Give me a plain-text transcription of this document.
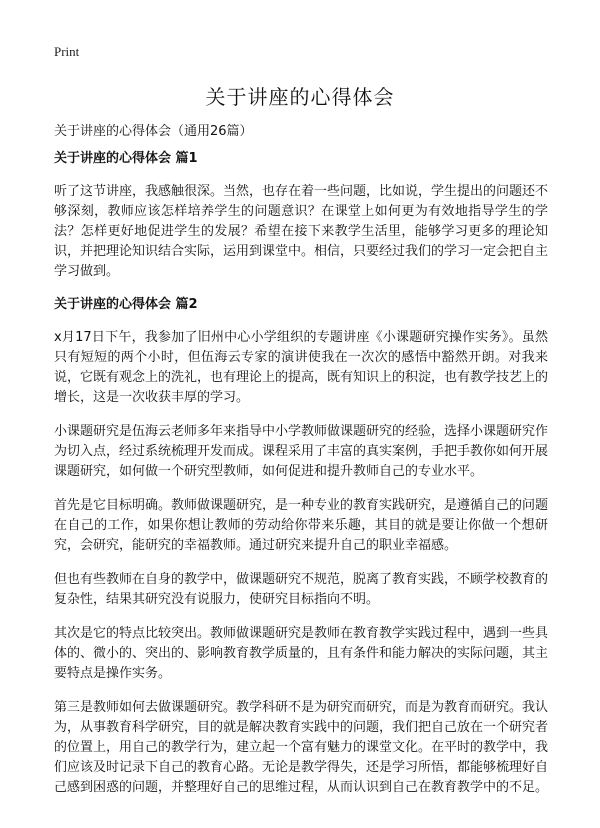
Print
关于讲座的心得体会

关于讲座的心得体会（通用26篇）

关于讲座的心得体会 篇1

听了这节讲座，我感触很深。当然，也存在着一些问题，比如说，学生提出的问题还不够深刻，教师应该怎样培养学生的问题意识？在课堂上如何更为有效地指导学生的学法？怎样更好地促进学生的发展？希望在接下来教学生活里，能够学习更多的理论知识，并把理论知识结合实际，运用到课堂中。相信，只要经过我们的学习一定会把自主学习做到。

关于讲座的心得体会 篇2

x月17日下午，我参加了旧州中心小学组织的专题讲座《小课题研究操作实务》。虽然只有短短的两个小时，但伍海云专家的演讲使我在一次次的感悟中豁然开朗。对我来说，它既有观念上的洗礼，也有理论上的提高，既有知识上的积淀，也有教学技艺上的增长，这是一次收获丰厚的学习。

小课题研究是伍海云老师多年来指导中小学教师做课题研究的经验，选择小课题研究作为切入点，经过系统梳理开发而成。课程采用了丰富的真实案例，手把手教你如何开展课题研究，如何做一个研究型教师，如何促进和提升教师自己的专业水平。

首先是它目标明确。教师做课题研究，是一种专业的教育实践研究，是遵循自己的问题在自己的工作，如果你想让教师的劳动给你带来乐趣，其目的就是要让你做一个想研究，会研究，能研究的幸福教师。通过研究来提升自己的职业幸福感。

但也有些教师在自身的教学中，做课题研究不规范，脱离了教育实践，不顾学校教育的复杂性，结果其研究没有说服力，使研究目标指向不明。

其次是它的特点比较突出。教师做课题研究是教师在教育教学实践过程中，遇到一些具体的、微小的、突出的、影响教育教学质量的，且有条件和能力解决的实际问题，其主要特点是操作实务。

第三是教师如何去做课题研究。教学科研不是为研究而研究，而是为教育而研究。我认为，从事教育科学研究，目的就是解决教育实践中的问题，我们把自己放在一个研究者的位置上，用自己的教学行为，建立起一个富有魅力的课堂文化。在平时的教学中，我们应该及时记录下自己的教育心路。无论是教学得失，还是学习所悟，都能够梳理好自己感到困惑的问题，并整理好自己的思维过程，从而认识到自己在教育教学中的不足。
